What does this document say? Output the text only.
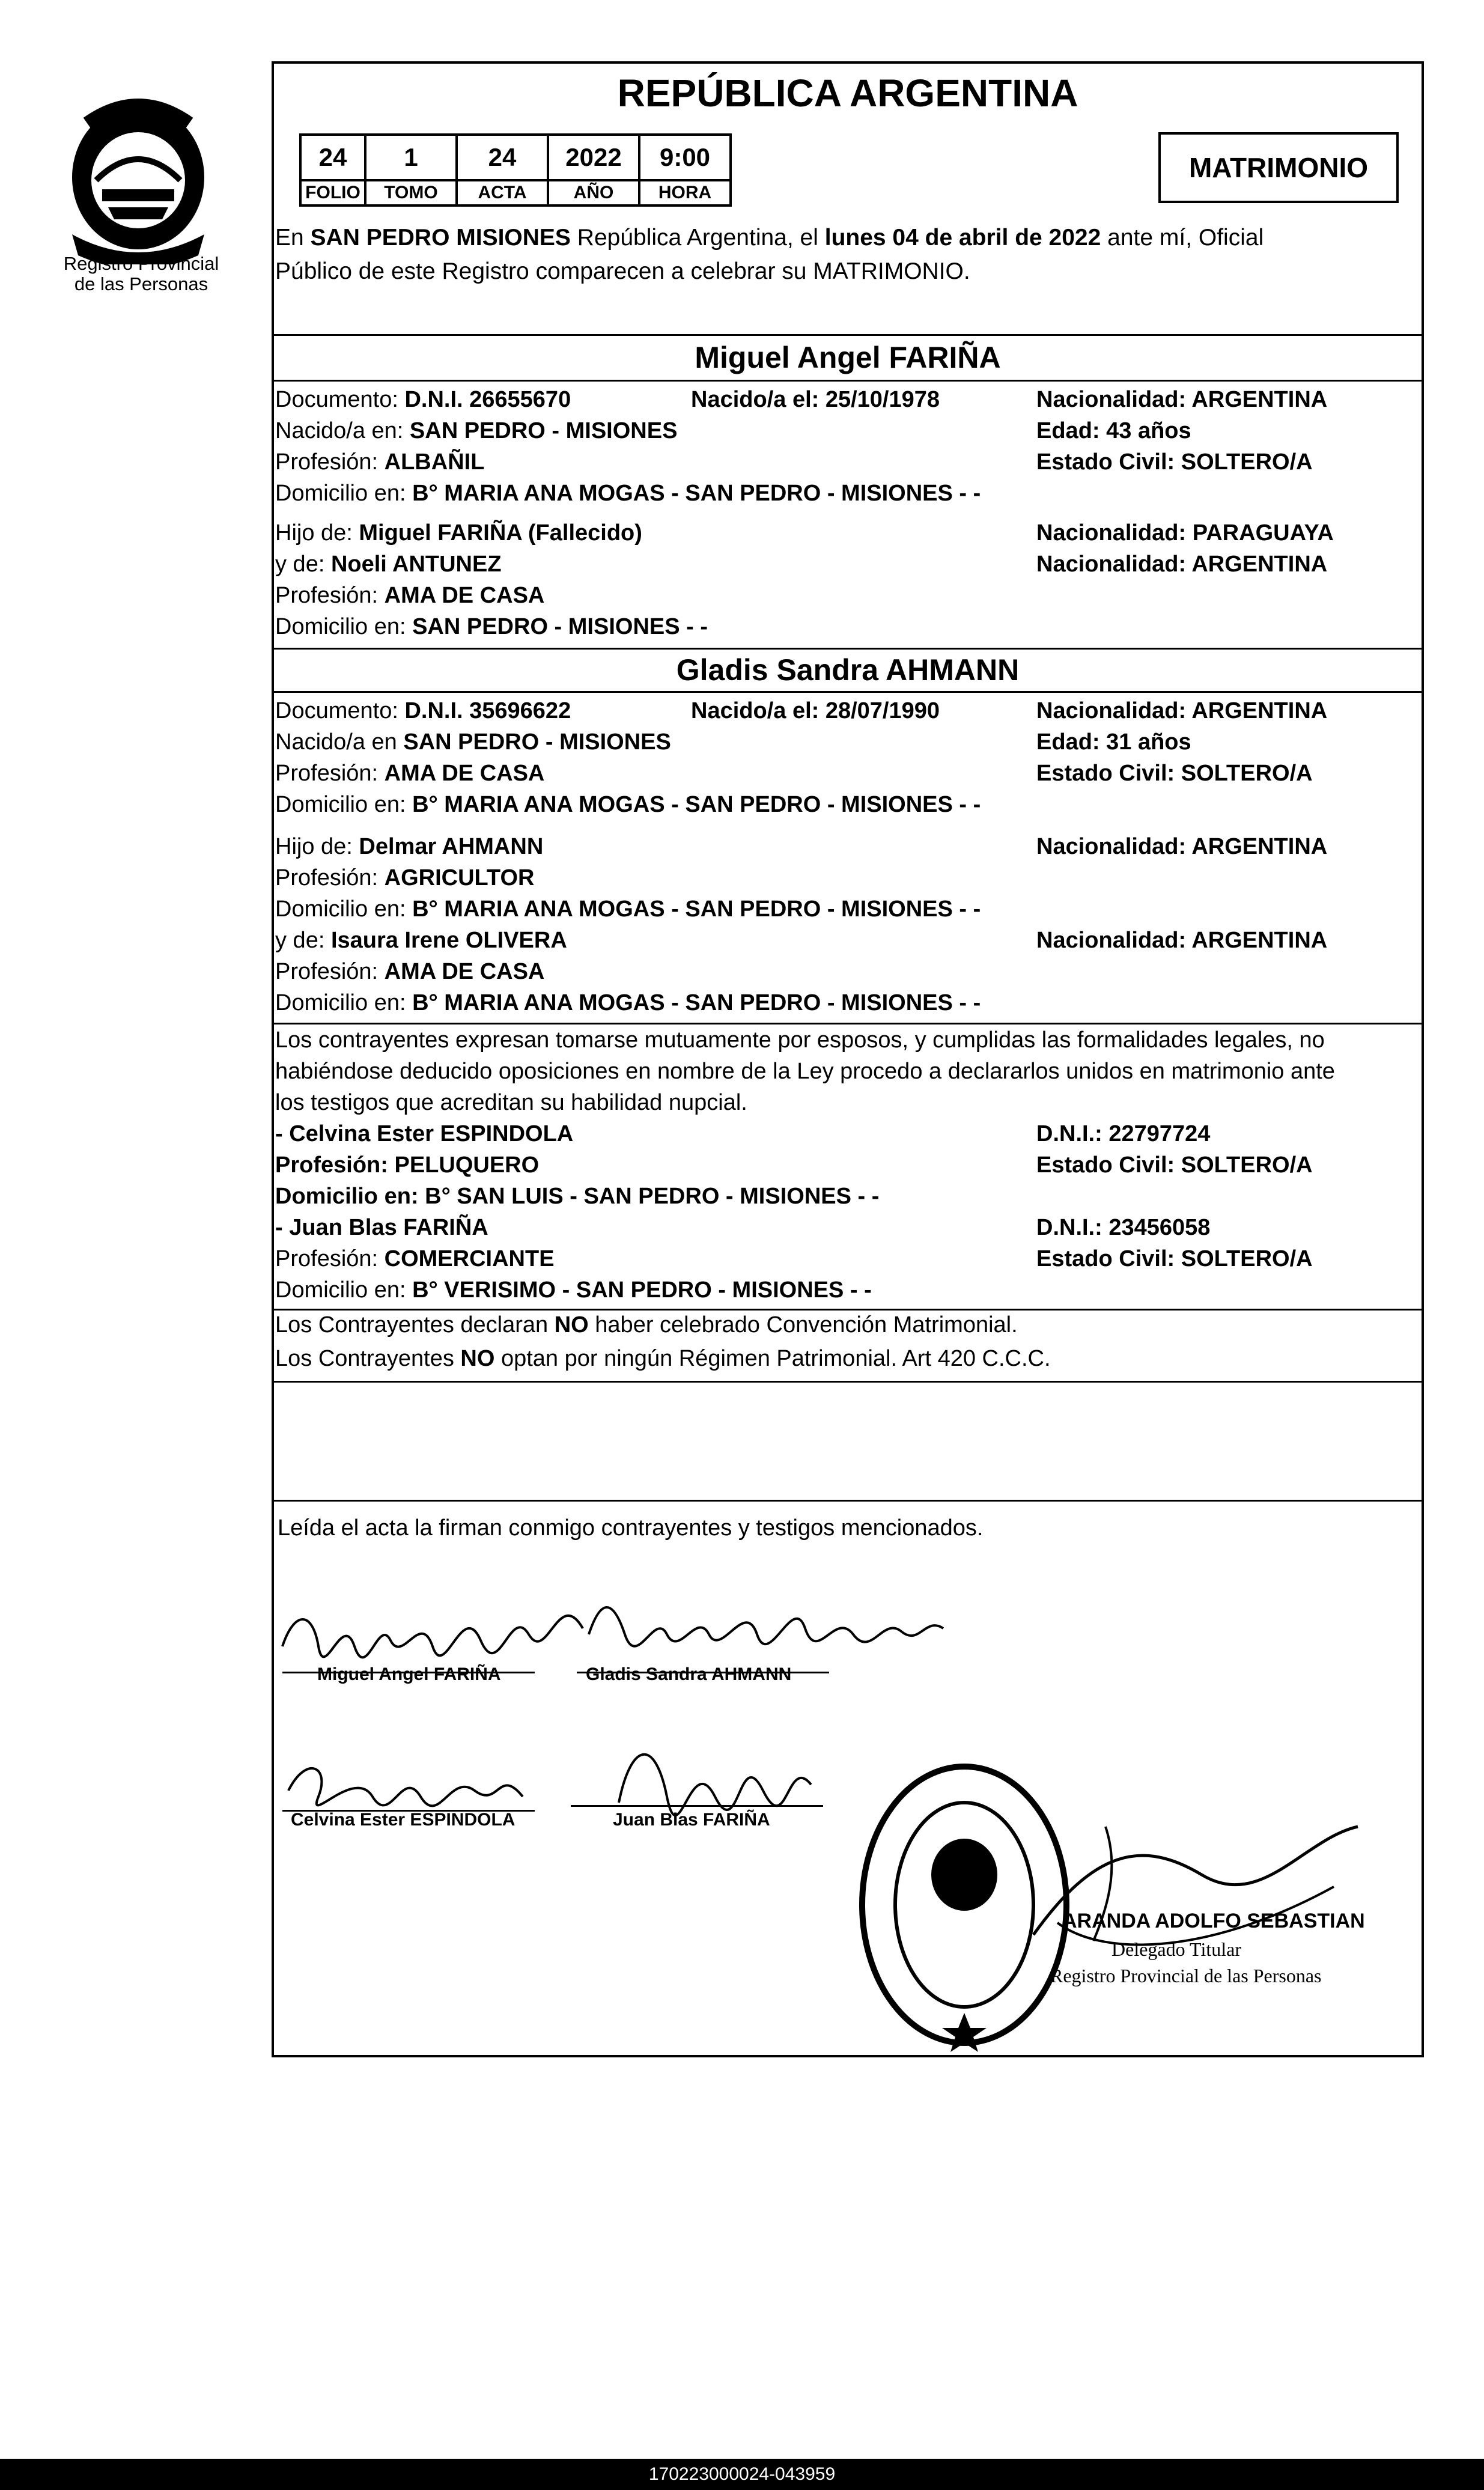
Registro Provincial
de las Personas
REPÚBLICA ARGENTINA
24	1	24	2022	9:00
FOLIO	TOMO	ACTA	AÑO	HORA
MATRIMONIO
En SAN PEDRO MISIONES República Argentina, el lunes 04 de abril de 2022 ante mí, Oficial
Público de este Registro comparecen a celebrar su MATRIMONIO.
Miguel Angel FARIÑA
Documento: D.N.I. 26655670	Nacido/a el: 25/10/1978	Nacionalidad: ARGENTINA
Nacido/a en: SAN PEDRO - MISIONES	Edad: 43 años
Profesión: ALBAÑIL	Estado Civil: SOLTERO/A
Domicilio en: B° MARIA ANA MOGAS - SAN PEDRO - MISIONES - -
Hijo de: Miguel FARIÑA (Fallecido)	Nacionalidad: PARAGUAYA
y de: Noeli ANTUNEZ	Nacionalidad: ARGENTINA
Profesión: AMA DE CASA
Domicilio en: SAN PEDRO - MISIONES - -
Gladis Sandra AHMANN
Documento: D.N.I. 35696622	Nacido/a el: 28/07/1990	Nacionalidad: ARGENTINA
Nacido/a en SAN PEDRO - MISIONES	Edad: 31 años
Profesión: AMA DE CASA	Estado Civil: SOLTERO/A
Domicilio en: B° MARIA ANA MOGAS - SAN PEDRO - MISIONES - -
Hijo de: Delmar AHMANN	Nacionalidad: ARGENTINA
Profesión: AGRICULTOR
Domicilio en: B° MARIA ANA MOGAS - SAN PEDRO - MISIONES - -
y de: Isaura Irene OLIVERA	Nacionalidad: ARGENTINA
Profesión: AMA DE CASA
Domicilio en: B° MARIA ANA MOGAS - SAN PEDRO - MISIONES - -
Los contrayentes expresan tomarse mutuamente por esposos, y cumplidas las formalidades legales, no
habiéndose deducido oposiciones en nombre de la Ley procedo a declararlos unidos en matrimonio ante
los testigos que acreditan su habilidad nupcial.
- Celvina Ester ESPINDOLA	D.N.I.: 22797724
Profesión: PELUQUERO	Estado Civil: SOLTERO/A
Domicilio en: B° SAN LUIS - SAN PEDRO - MISIONES - -
- Juan Blas FARIÑA	D.N.I.: 23456058
Profesión: COMERCIANTE	Estado Civil: SOLTERO/A
Domicilio en: B° VERISIMO - SAN PEDRO - MISIONES - -
Los Contrayentes declaran NO haber celebrado Convención Matrimonial.
Los Contrayentes NO optan por ningún Régimen Patrimonial. Art 420 C.C.C.
Leída el acta la firman conmigo contrayentes y testigos mencionados.
Miguel Angel FARIÑA	Gladis Sandra AHMANN
Celvina Ester ESPINDOLA	Juan Blas FARIÑA
ARANDA ADOLFO SEBASTIAN
Delegado Titular
Registro Provincial de las Personas
170223000024-043959
